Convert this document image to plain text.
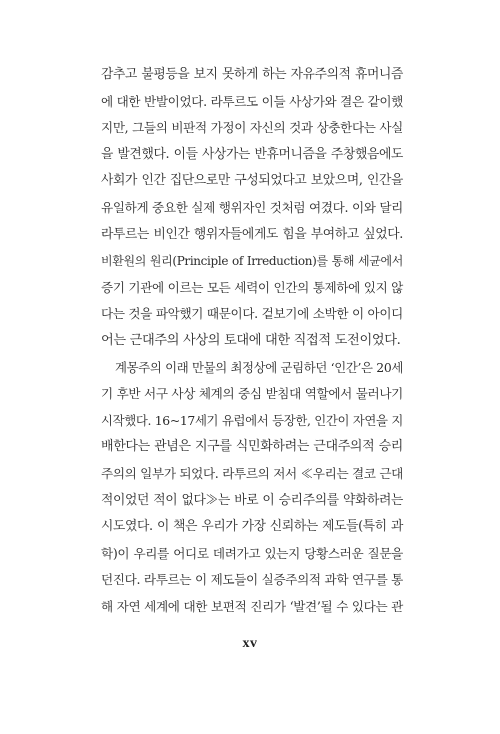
감추고 불평등을 보지 못하게 하는 자유주의적 휴머니즘
에 대한 반발이었다. 라투르도 이들 사상가와 결은 같이했
지만, 그들의 비판적 가정이 자신의 것과 상충한다는 사실
을 발견했다. 이들 사상가는 반휴머니즘을 주창했음에도
사회가 인간 집단으로만 구성되었다고 보았으며, 인간을
유일하게 중요한 실제 행위자인 것처럼 여겼다. 이와 달리
라투르는 비인간 행위자들에게도 힘을 부여하고 싶었다.
비환원의 원리(Principle of Irreduction)를 통해 세균에서
증기 기관에 이르는 모든 세력이 인간의 통제하에 있지 않
다는 것을 파악했기 때문이다. 겉보기에 소박한 이 아이디
어는 근대주의 사상의 토대에 대한 직접적 도전이었다.
계몽주의 이래 만물의 최정상에 군림하던 ‘인간’은 20세
기 후반 서구 사상 체계의 중심 받침대 역할에서 물러나기
시작했다. 16~17세기 유럽에서 등장한, 인간이 자연을 지
배한다는 관념은 지구를 식민화하려는 근대주의적 승리
주의의 일부가 되었다. 라투르의 저서 ≪우리는 결코 근대
적이었던 적이 없다≫는 바로 이 승리주의를 약화하려는
시도였다. 이 책은 우리가 가장 신뢰하는 제도들(특히 과
학)이 우리를 어디로 데려가고 있는지 당황스러운 질문을
던진다. 라투르는 이 제도들이 실증주의적 과학 연구를 통
해 자연 세계에 대한 보편적 진리가 ‘발견’될 수 있다는 관
xv
